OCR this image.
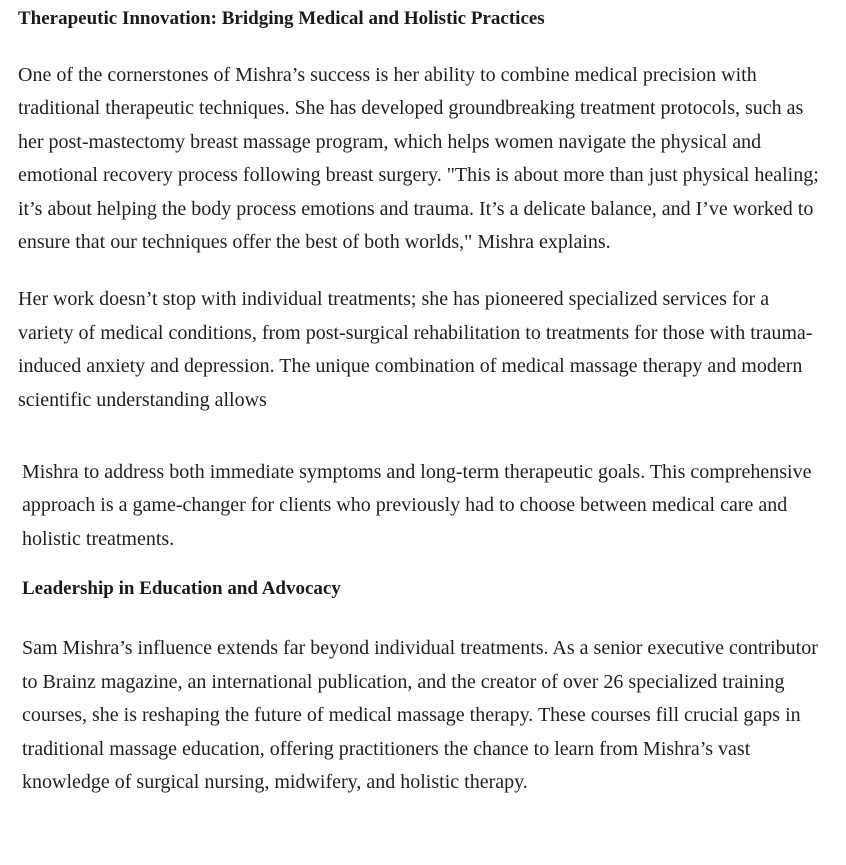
Therapeutic Innovation: Bridging Medical and Holistic Practices

One of the cornerstones of Mishra’s success is her ability to combine medical precision with traditional therapeutic techniques. She has developed groundbreaking treatment protocols, such as her post-mastectomy breast massage program, which helps women navigate the physical and emotional recovery process following breast surgery. "This is about more than just physical healing; it’s about helping the body process emotions and trauma. It’s a delicate balance, and I’ve worked to ensure that our techniques offer the best of both worlds," Mishra explains.

Her work doesn’t stop with individual treatments; she has pioneered specialized services for a variety of medical conditions, from post-surgical rehabilitation to treatments for those with trauma-induced anxiety and depression. The unique combination of medical massage therapy and modern scientific understanding allows

Mishra to address both immediate symptoms and long-term therapeutic goals. This comprehensive approach is a game-changer for clients who previously had to choose between medical care and holistic treatments.

Leadership in Education and Advocacy

Sam Mishra’s influence extends far beyond individual treatments. As a senior executive contributor to Brainz magazine, an international publication, and the creator of over 26 specialized training courses, she is reshaping the future of medical massage therapy. These courses fill crucial gaps in traditional massage education, offering practitioners the chance to learn from Mishra’s vast knowledge of surgical nursing, midwifery, and holistic therapy.
